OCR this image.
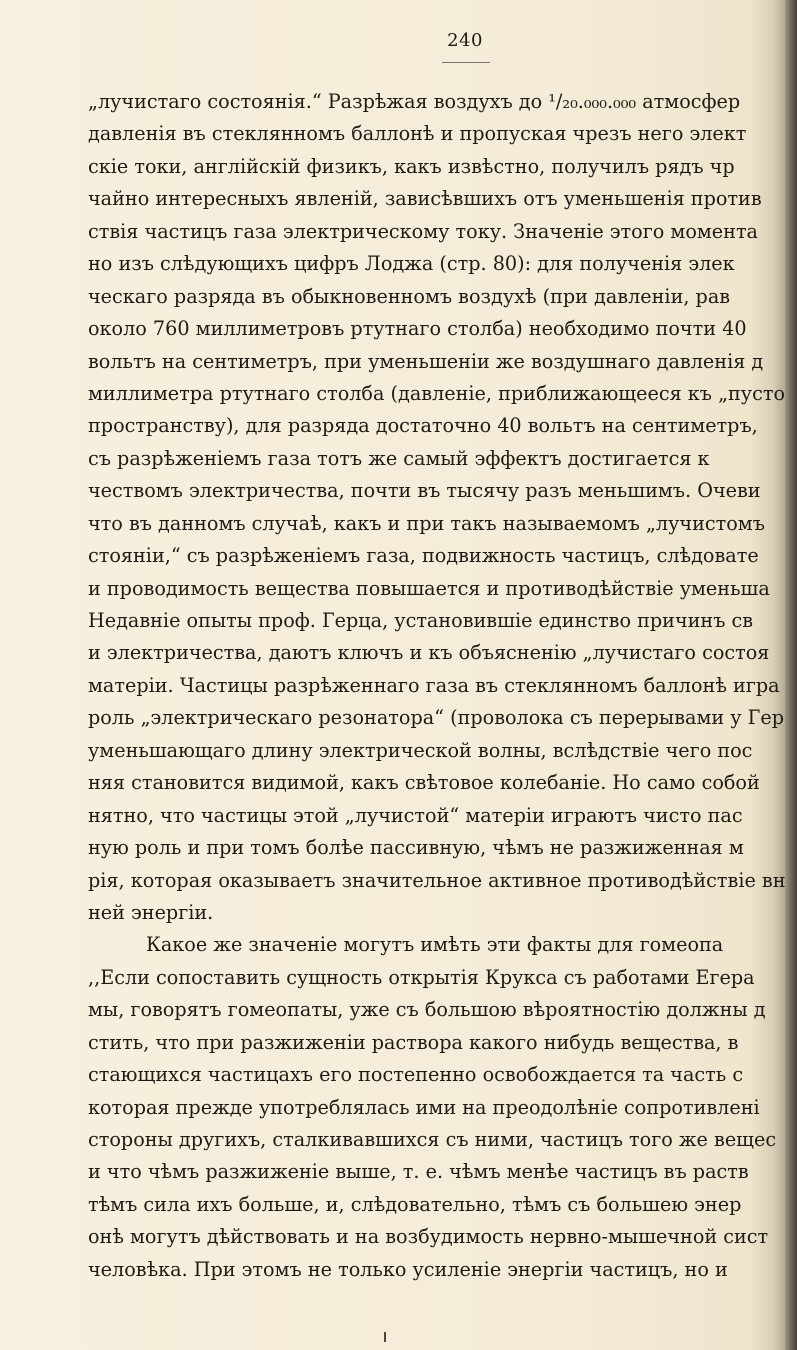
240
„лучистаго состоянія.“ Разрѣжая воздухъ до ¹/₂₀.₀₀₀.₀₀₀ атмосфер
давленія въ стеклянномъ баллонѣ и пропуская чрезъ него элект
скіе токи, англійскій физикъ, какъ извѣстно, получилъ рядъ чр
чайно интересныхъ явленій, зависѣвшихъ отъ уменьшенія против
ствія частицъ газа электрическому току. Значеніе этого момента
но изъ слѣдующихъ цифръ Лоджа (стр. 80): для полученія элек
ческаго разряда въ обыкновенномъ воздухѣ (при давленіи, рав
около 760 миллиметровъ ртутнаго столба) необходимо почти 40
вольтъ на сентиметръ, при уменьшеніи же воздушнаго давленія д
миллиметра ртутнаго столба (давленіе, приближающееся къ „пусто
пространству), для разряда достаточно 40 вольтъ на сентиметръ,
съ разрѣженіемъ газа тотъ же самый эффектъ достигается к
чествомъ электричества, почти въ тысячу разъ меньшимъ. Очеви
что въ данномъ случаѣ, какъ и при такъ называемомъ „лучистомъ
стояніи,“ съ разрѣженіемъ газа, подвижность частицъ, слѣдовате
и проводимость вещества повышается и противодѣйствіе уменьша
Недавніе опыты проф. Герца, установившіе единство причинъ св
и электричества, даютъ ключъ и къ объясненію „лучистаго состоя
матеріи. Частицы разрѣженнаго газа въ стеклянномъ баллонѣ игра
роль „электрическаго резонатора“ (проволока съ перерывами у Гер
уменьшающаго длину электрической волны, вслѣдствіе чего пос
няя становится видимой, какъ свѣтовое колебаніе. Но само собой
нятно, что частицы этой „лучистой“ матеріи играютъ чисто пас
ную роль и при томъ болѣе пассивную, чѣмъ не разжиженная м
рія, которая оказываетъ значительное активное противодѣйствіе вн
ней энергіи.
Какое же значеніе могутъ имѣть эти факты для гомеопа
,,Если сопоставить сущность открытія Крукса съ работами Егера
мы, говорятъ гомеопаты, уже съ большою вѣроятностію должны д
стить, что при разжиженіи раствора какого нибудь вещества, в
стающихся частицахъ его постепенно освобождается та часть с
которая прежде употреблялась ими на преодолѣніе сопротивлені
стороны другихъ, сталкивавшихся съ ними, частицъ того же вещес
и что чѣмъ разжиженіе выше, т. е. чѣмъ менѣе частицъ въ раств
тѣмъ сила ихъ больше, и, слѣдовательно, тѣмъ съ большею энер
онѣ могутъ дѣйствовать и на возбудимость нервно-мышечной сист
человѣка. При этомъ не только усиленіе энергіи частицъ, но и
